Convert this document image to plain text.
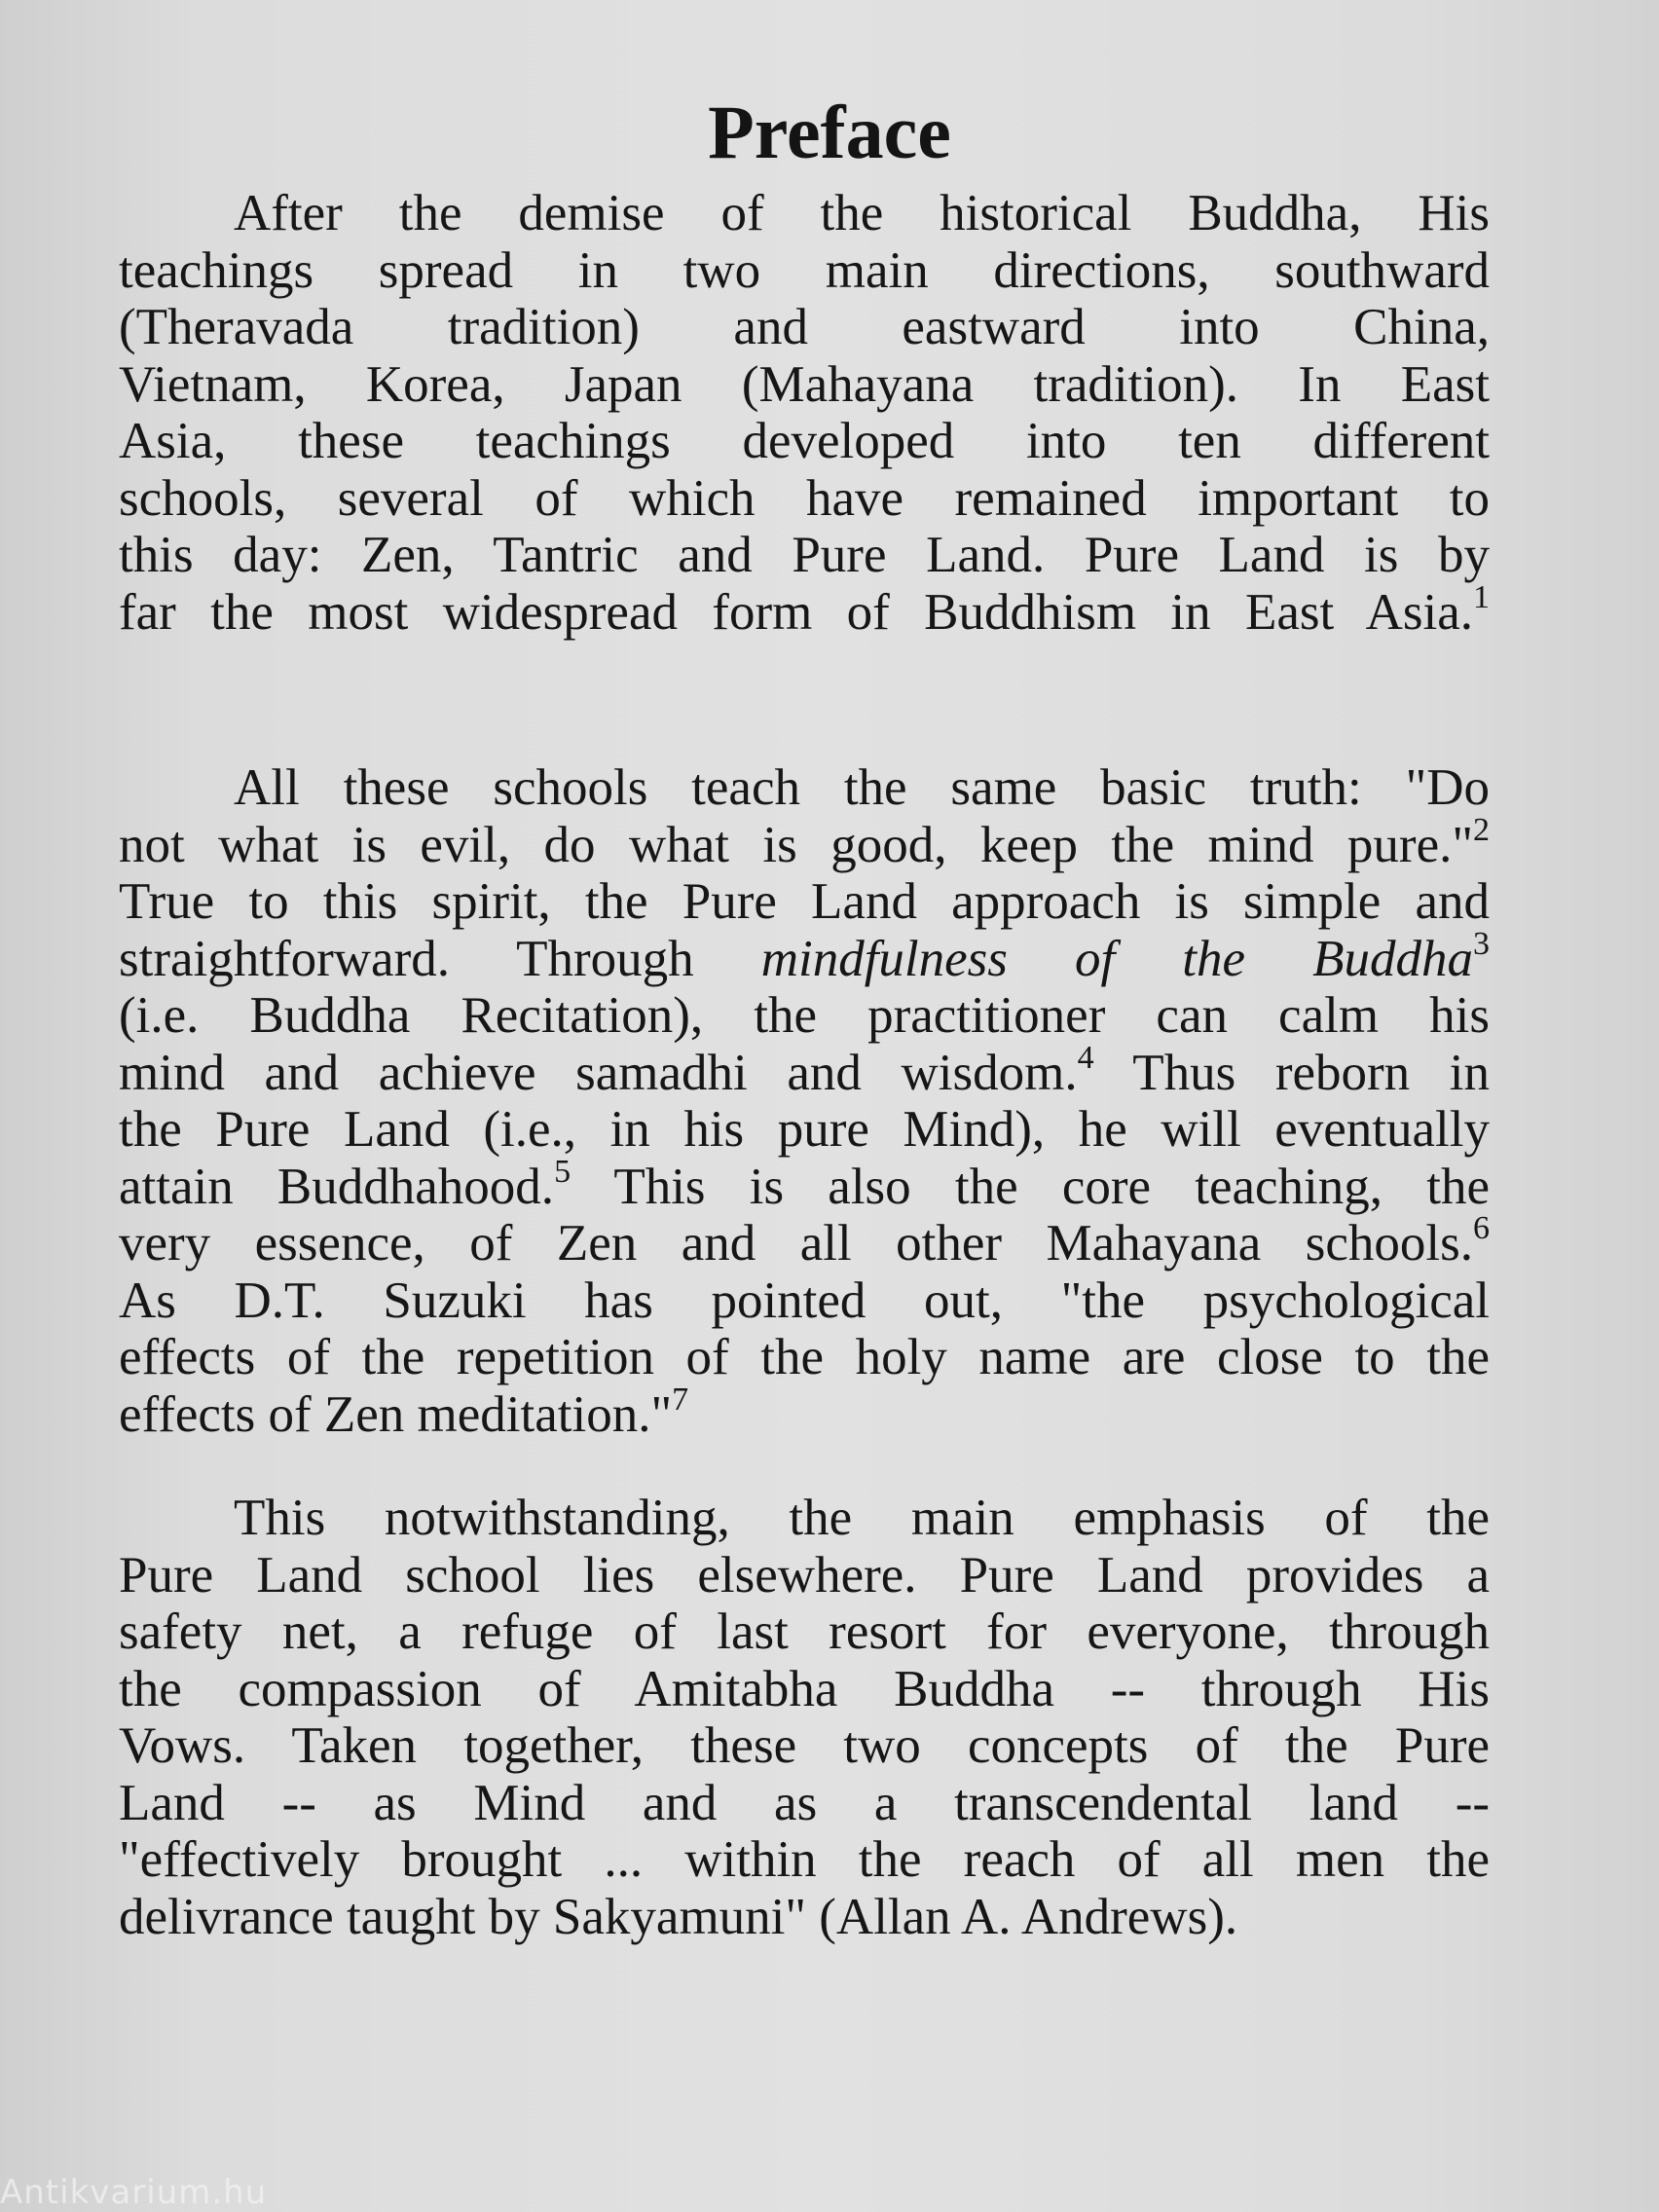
Preface
After the demise of the historical Buddha, His
teachings spread in two main directions, southward
(Theravada tradition) and eastward into China,
Vietnam, Korea, Japan (Mahayana tradition). In East
Asia, these teachings developed into ten different
schools, several of which have remained important to
this day: Zen, Tantric and Pure Land. Pure Land is by
far the most widespread form of Buddhism in East Asia.$^1$
All these schools teach the same basic truth: "Do
not what is evil, do what is good, keep the mind pure."$^2$
True to this spirit, the Pure Land approach is simple and
straightforward. Through mindfulness of the Buddha$^3$
(i.e. Buddha Recitation), the practitioner can calm his
mind and achieve samadhi and wisdom.$^4$ Thus reborn in
the Pure Land (i.e., in his pure Mind), he will eventually
attain Buddhahood.$^5$ This is also the core teaching, the
very essence, of Zen and all other Mahayana schools.$^6$
As D.T. Suzuki has pointed out, "the psychological
effects of the repetition of the holy name are close to the
effects of Zen meditation."$^7$
This notwithstanding, the main emphasis of the
Pure Land school lies elsewhere. Pure Land provides a
safety net, a refuge of last resort for everyone, through
the compassion of Amitabha Buddha -- through His
Vows. Taken together, these two concepts of the Pure
Land -- as Mind and as a transcendental land --
"effectively brought ... within the reach of all men the
delivrance taught by Sakyamuni" (Allan A. Andrews).
Antikvarium.hu
